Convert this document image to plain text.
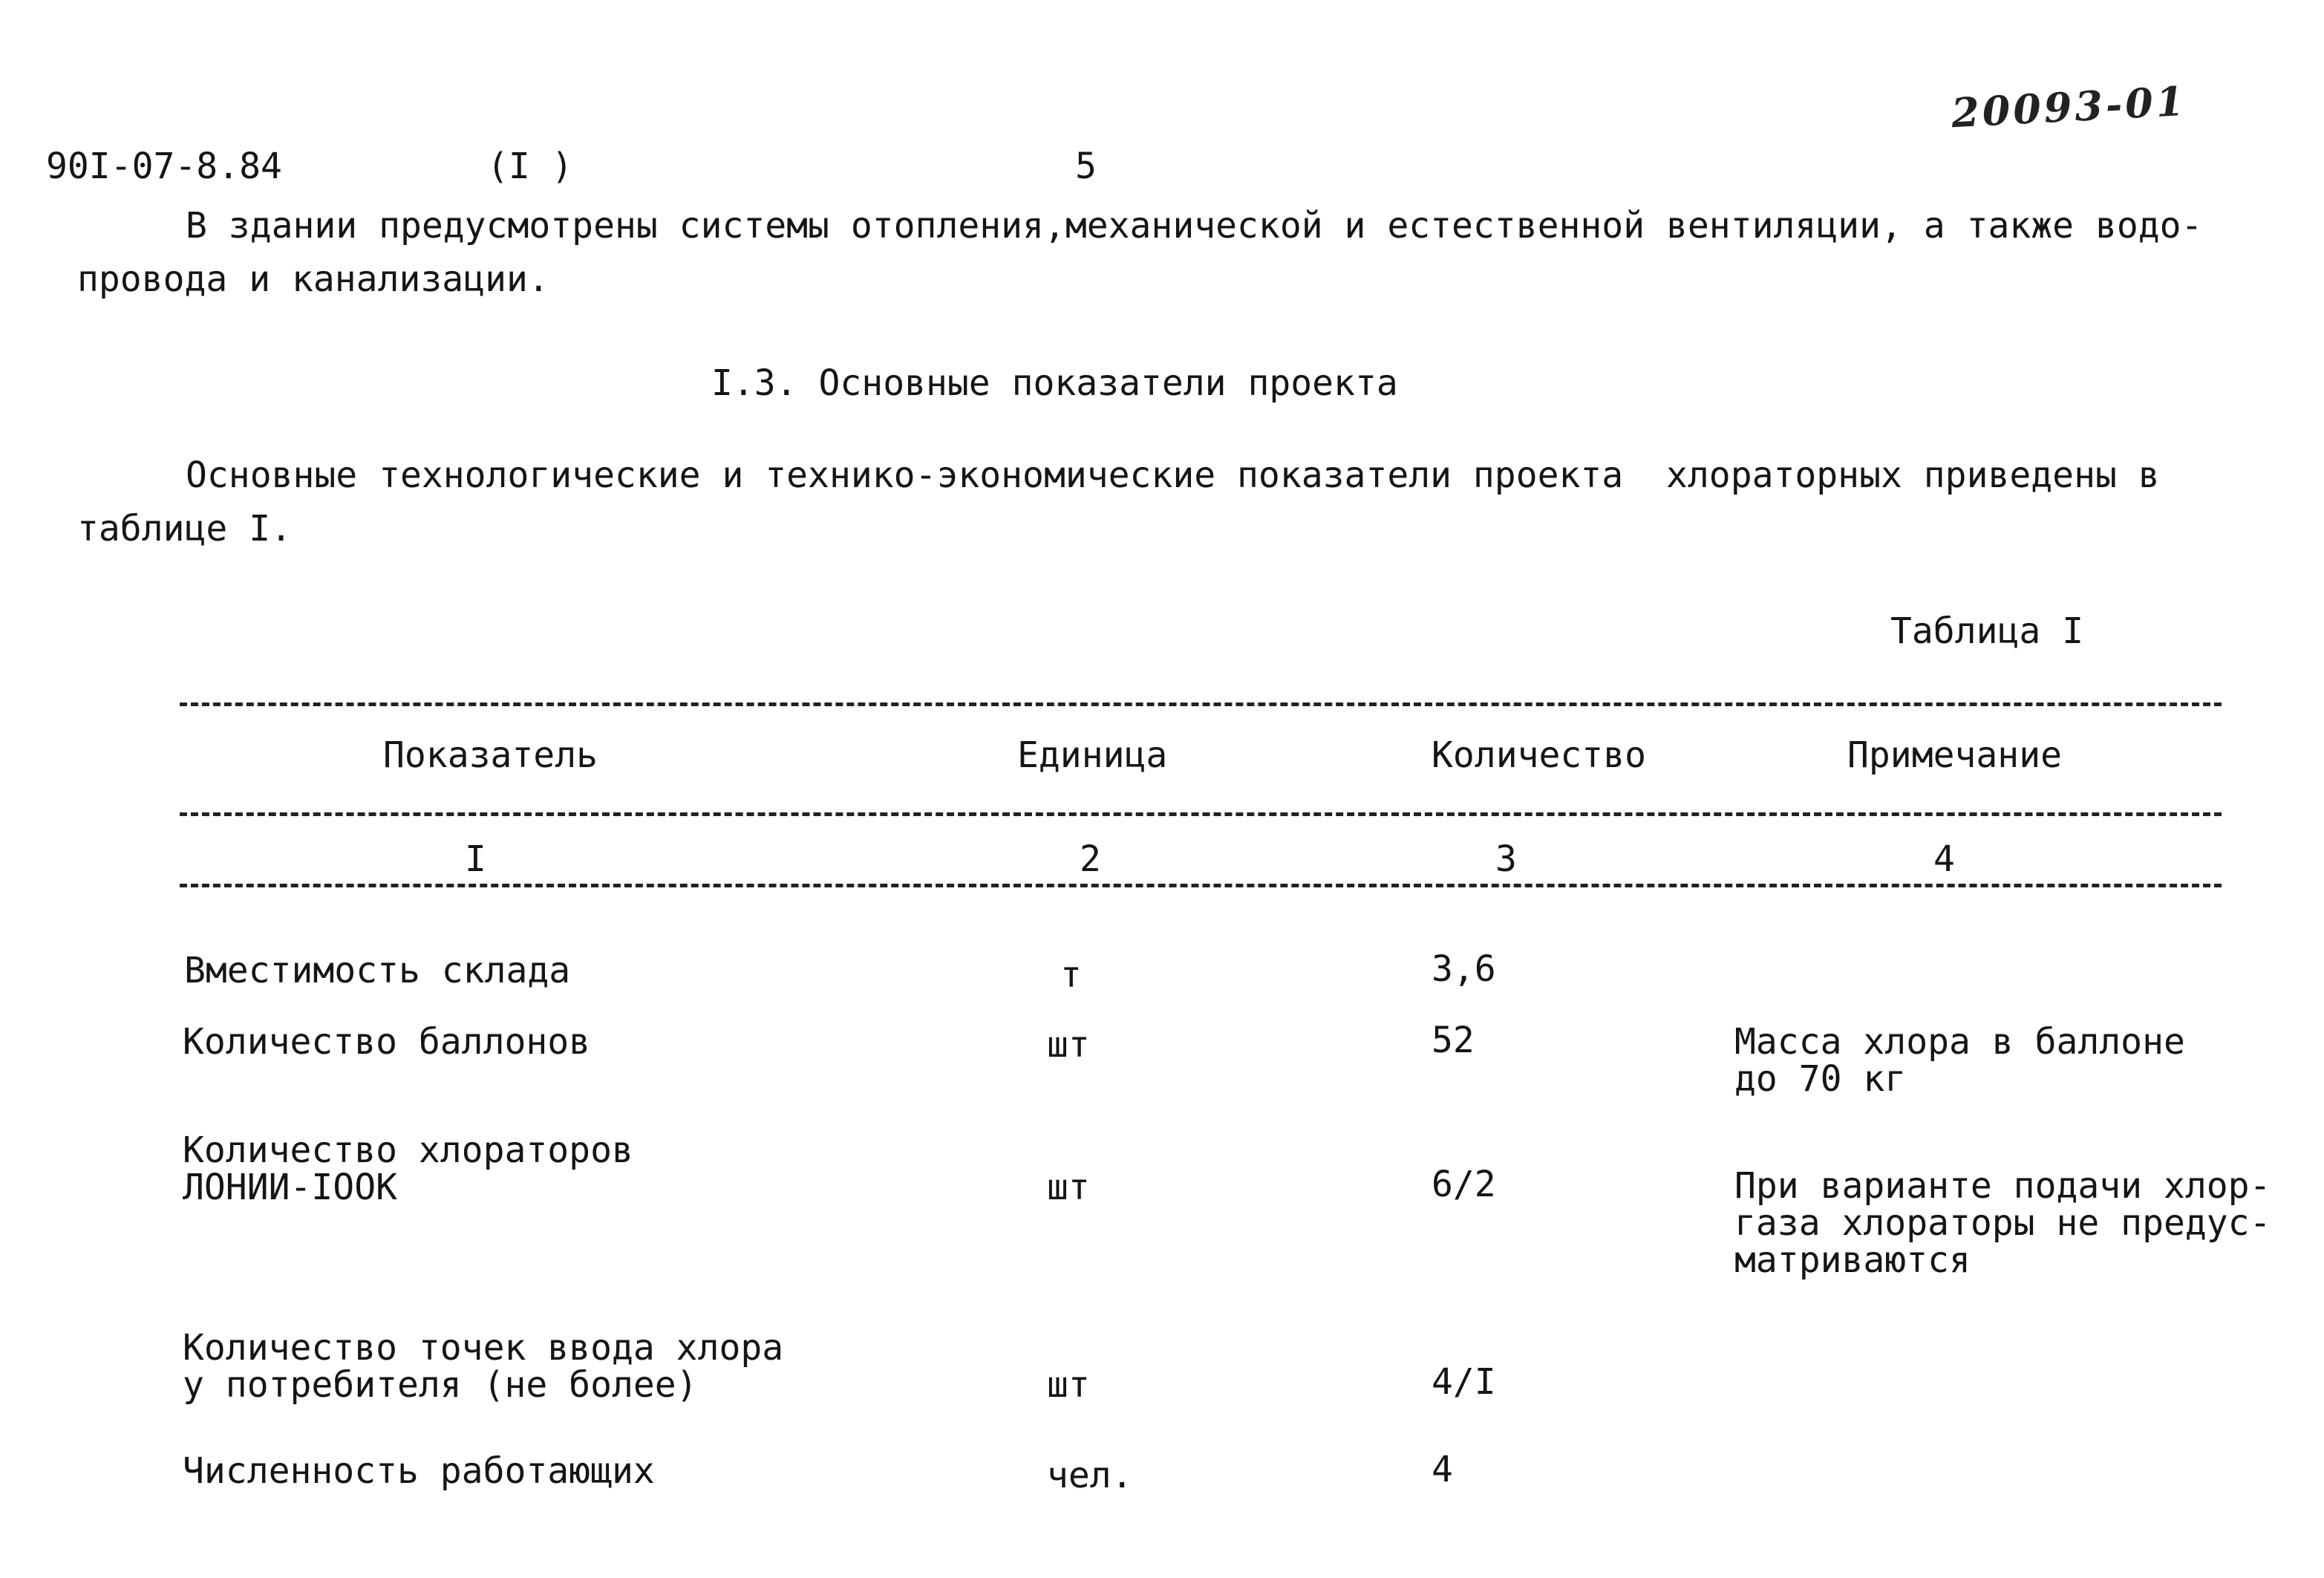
90I-07-8.84	(I )	5
20093-01
В здании предусмотрены системы отопления,механической и естественной вентиляции, а также водо-
провода и канализации.
I.3. Основные показатели проекта
Основные технологические и технико-экономические показатели проекта  хлораторных приведены в
таблице I.
Таблица I
Показатель	Единица	Количество	Примечание
I	2	3	4
Вместимость склада	т	3,6
Количество баллонов	шт	52	Масса хлора в баллоне
до 70 кг
Количество хлораторов
ЛОНИИ-IOOK	шт	6/2	При варианте подачи хлор-
газа хлораторы не предус-
матриваются
Количество точек ввода хлора
у потребителя (не более)	шт	4/I
Численность работающих	чел.	4
